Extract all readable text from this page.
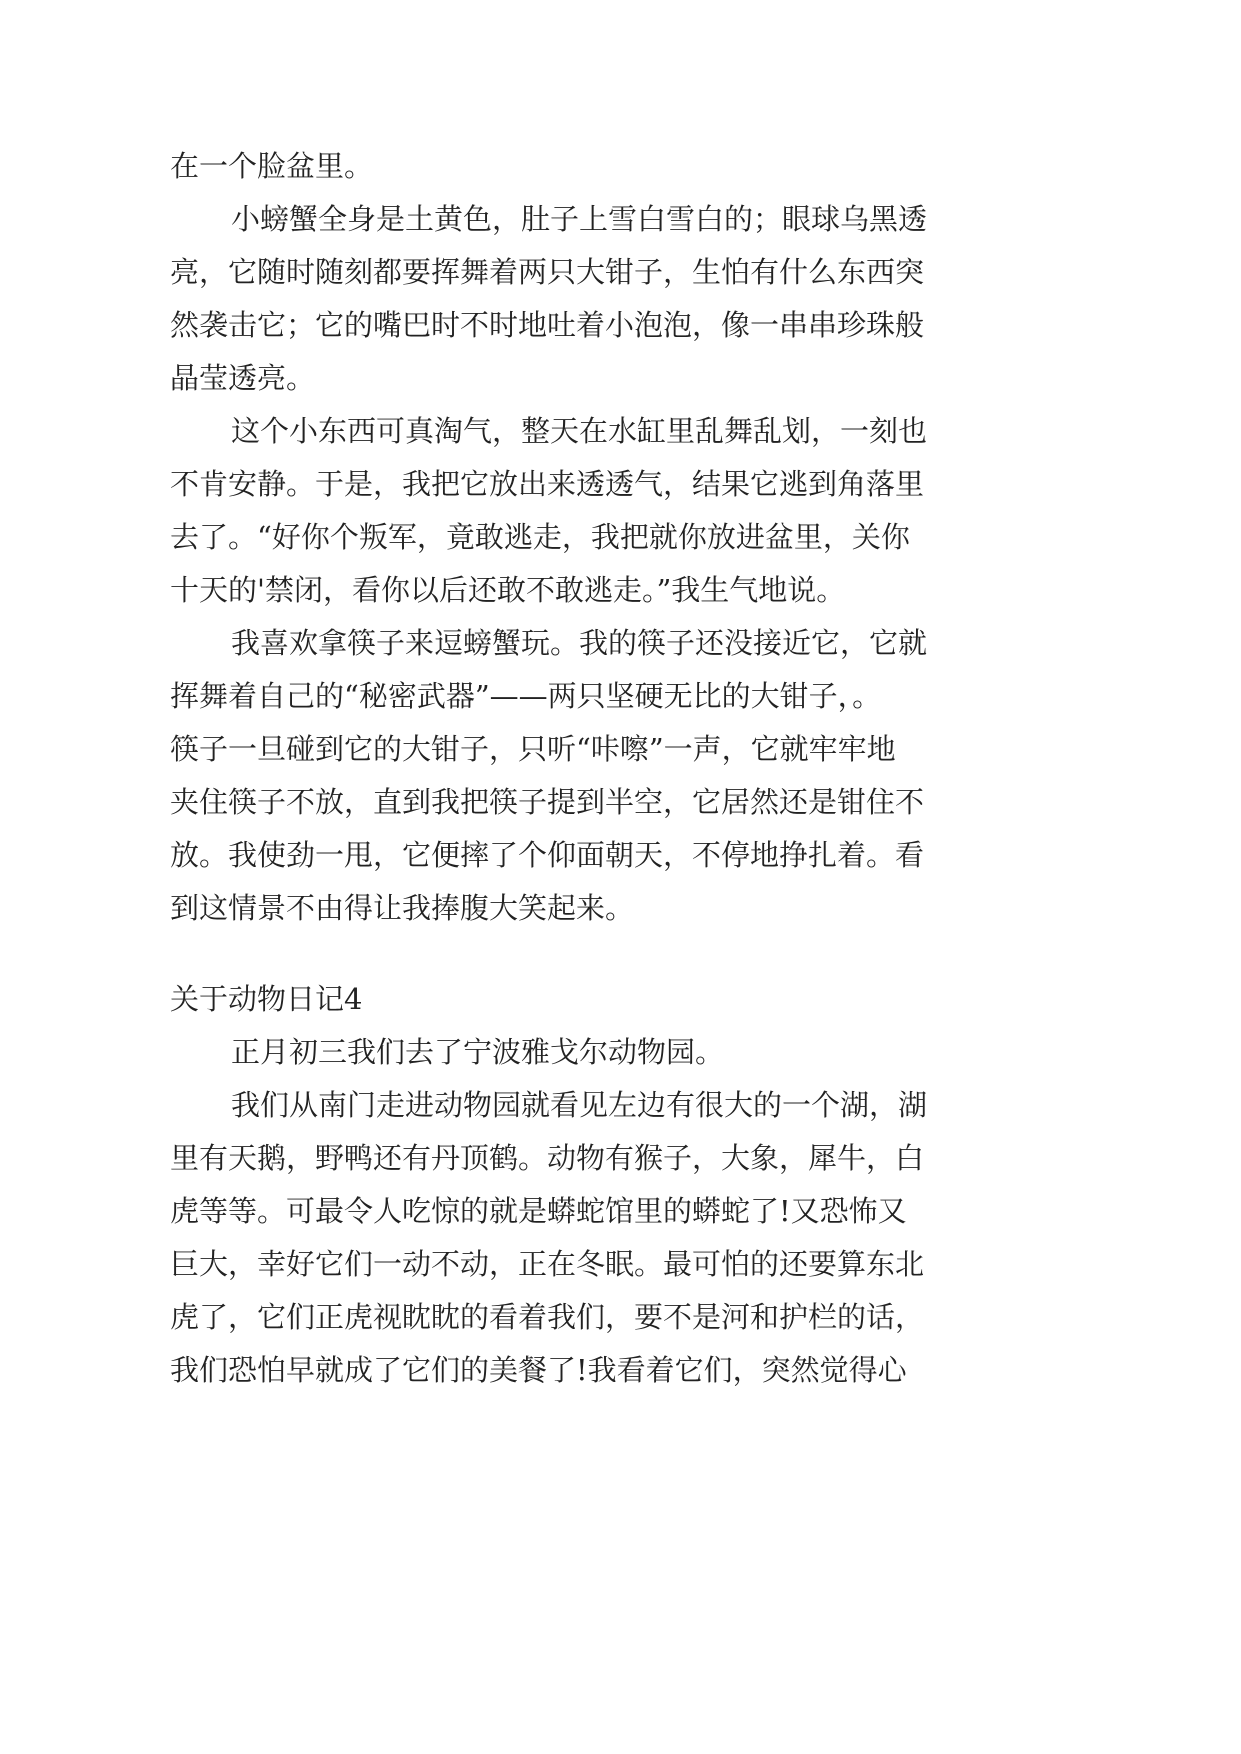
在一个脸盆里。
小螃蟹全身是土黄色，肚子上雪白雪白的；眼球乌黑透
亮，它随时随刻都要挥舞着两只大钳子，生怕有什么东西突
然袭击它；它的嘴巴时不时地吐着小泡泡，像一串串珍珠般
晶莹透亮。
这个小东西可真淘气，整天在水缸里乱舞乱划，一刻也
不肯安静。于是，我把它放出来透透气，结果它逃到角落里
去了。“好你个叛军，竟敢逃走，我把就你放进盆里，关你
十天的'禁闭，看你以后还敢不敢逃走。”我生气地说。
我喜欢拿筷子来逗螃蟹玩。我的筷子还没接近它，它就
挥舞着自己的“秘密武器”——两只坚硬无比的大钳子，。
筷子一旦碰到它的大钳子，只听“咔嚓”一声，它就牢牢地
夹住筷子不放，直到我把筷子提到半空，它居然还是钳住不
放。我使劲一甩，它便摔了个仰面朝天，不停地挣扎着。看
到这情景不由得让我捧腹大笑起来。
关于动物日记4
正月初三我们去了宁波雅戈尔动物园。
我们从南门走进动物园就看见左边有很大的一个湖，湖
里有天鹅，野鸭还有丹顶鹤。动物有猴子，大象，犀牛，白
虎等等。可最令人吃惊的就是蟒蛇馆里的蟒蛇了!又恐怖又
巨大，幸好它们一动不动，正在冬眠。最可怕的还要算东北
虎了，它们正虎视眈眈的看着我们，要不是河和护栏的话，
我们恐怕早就成了它们的美餐了!我看着它们，突然觉得心
